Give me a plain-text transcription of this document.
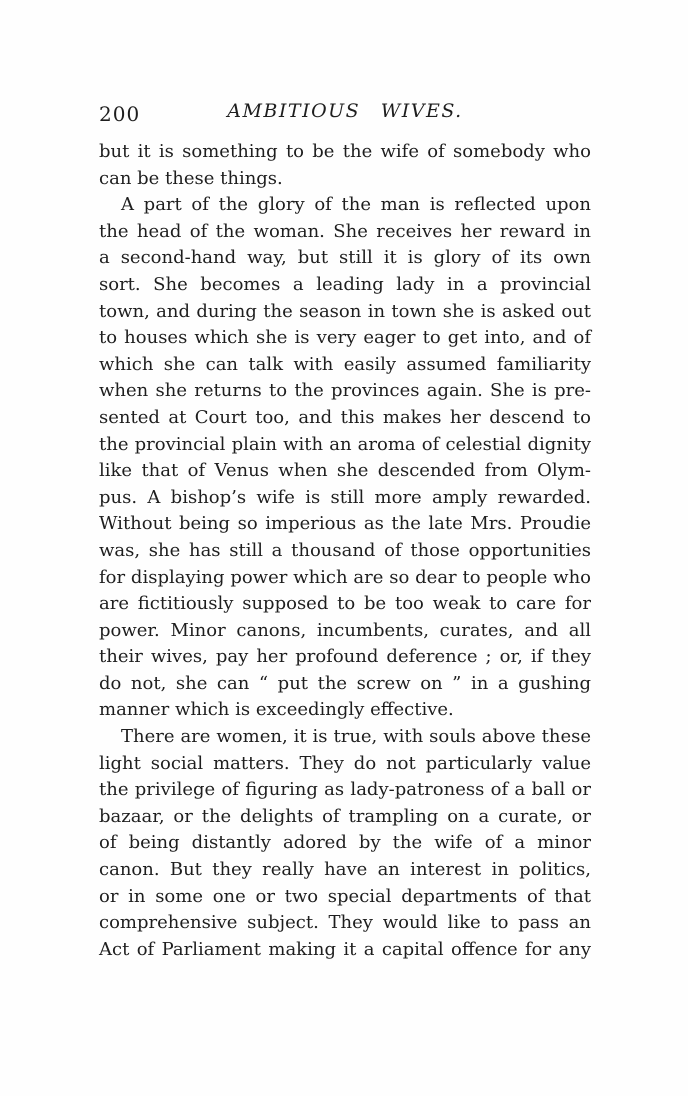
200	AMBITIOUS WIVES.
but it is something to be the wife of somebody who
can be these things.
A part of the glory of the man is reflected upon
the head of the woman. She receives her reward in
a second-hand way, but still it is glory of its own
sort. She becomes a leading lady in a provincial
town, and during the season in town she is asked out
to houses which she is very eager to get into, and of
which she can talk with easily assumed familiarity
when she returns to the provinces again. She is pre-
sented at Court too, and this makes her descend to
the provincial plain with an aroma of celestial dignity
like that of Venus when she descended from Olym-
pus. A bishop’s wife is still more amply rewarded.
Without being so imperious as the late Mrs. Proudie
was, she has still a thousand of those opportunities
for displaying power which are so dear to people who
are fictitiously supposed to be too weak to care for
power. Minor canons, incumbents, curates, and all
their wives, pay her profound deference ; or, if they
do not, she can “ put the screw on ” in a gushing
manner which is exceedingly effective.
There are women, it is true, with souls above these
light social matters. They do not particularly value
the privilege of figuring as lady-patroness of a ball or
bazaar, or the delights of trampling on a curate, or
of being distantly adored by the wife of a minor
canon. But they really have an interest in politics,
or in some one or two special departments of that
comprehensive subject. They would like to pass an
Act of Parliament making it a capital offence for any
